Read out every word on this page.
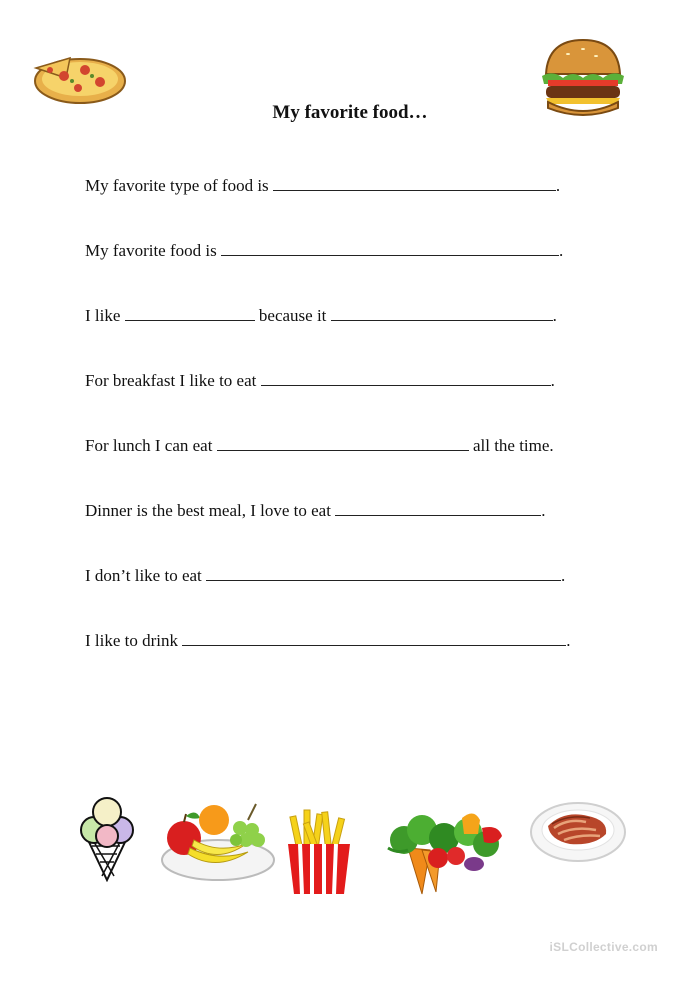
My favorite food…
My favorite type of food is	.
My favorite food is	.
I like	because it	.
For breakfast I like to eat	.
For lunch I can eat	all the time.
Dinner is the best meal, I love to eat	.
I don’t like to eat	.
I like to drink	.
iSLCollective.com
